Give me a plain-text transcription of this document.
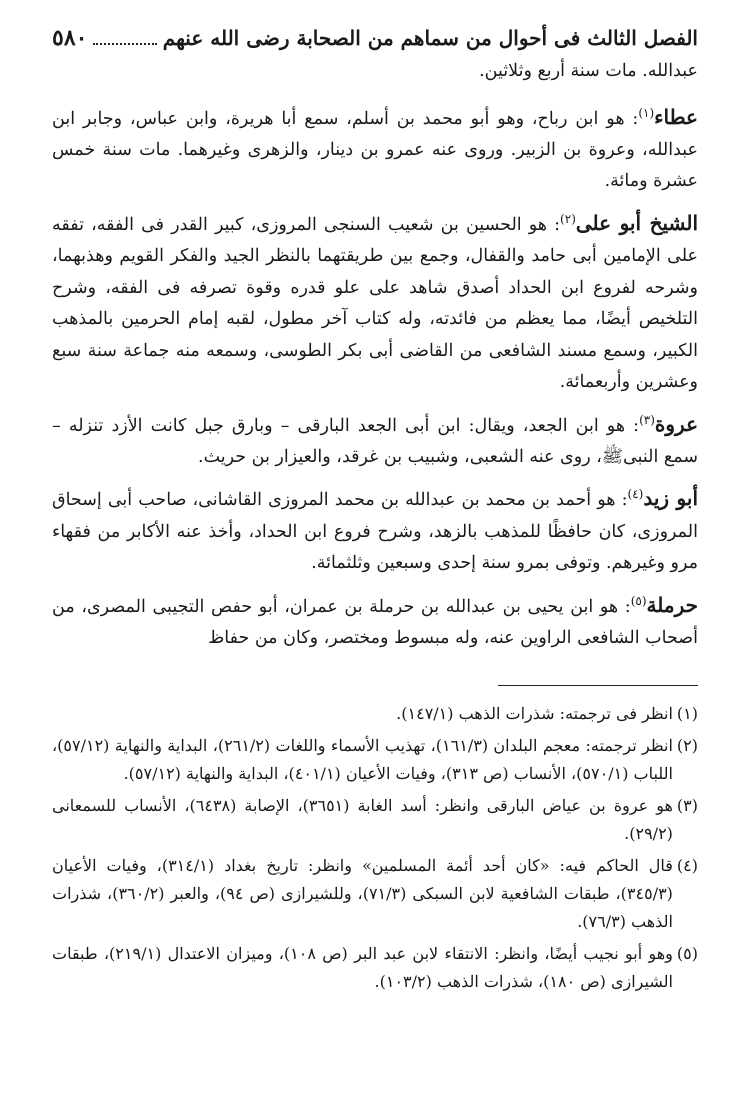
الفصل الثالث فى أحوال من سماهم من الصحابة رضى الله عنهم
٥٨٠

عبدالله. مات سنة أربع وثلاثين.

عطاء$^{(١)}$: هو ابن رباح، وهو أبو محمد بن أسلم، سمع أبا هريرة، وابن عباس، وجابر ابن عبدالله، وعروة بن الزبير. وروى عنه عمرو بن دينار، والزهرى وغيرهما. مات سنة خمس عشرة ومائة.

الشيخ أبو على$^{(٢)}$: هو الحسين بن شعيب السنجى المروزى، كبير القدر فى الفقه، تفقه على الإمامين أبى حامد والقفال، وجمع بين طريقتهما بالنظر الجيد والفكر القويم وهذبهما، وشرحه لفروع ابن الحداد أصدق شاهد على علو قدره وقوة تصرفه فى الفقه، وشرح التلخيص أيضًا، مما يعظم من فائدته، وله كتاب آخر مطول، لقبه إمام الحرمين بالمذهب الكبير، وسمع مسند الشافعى من القاضى أبى بكر الطوسى، وسمعه منه جماعة سنة سبع وعشرين وأربعمائة.

عروة$^{(٣)}$: هو ابن الجعد، ويقال: ابن أبى الجعد البارقى – وبارق جبل كانت الأزد تنزله – سمع النبىﷺ، روى عنه الشعبى، وشبيب بن غرقد، والعيزار بن حريث.

أبو زيد$^{(٤)}$: هو أحمد بن محمد بن عبدالله بن محمد المروزى القاشانى، صاحب أبى إسحاق المروزى، كان حافظًا للمذهب بالزهد، وشرح فروع ابن الحداد، وأخذ عنه الأكابر من فقهاء مرو وغيرهم. وتوفى بمرو سنة إحدى وسبعين وثلثمائة.

حرملة$^{(٥)}$: هو ابن يحيى بن عبدالله بن حرملة بن عمران، أبو حفص التجيبى المصرى، من أصحاب الشافعى الراوين عنه، وله مبسوط ومختصر، وكان من حفاظ

(١)
انظر فى ترجمته: شذرات الذهب (١٤٧/١).
(٢)
انظر ترجمته: معجم البلدان (١٦١/٣)، تهذيب الأسماء واللغات (٢٦١/٢)، البداية والنهاية (٥٧/١٢)، اللباب (٥٧٠/١)، الأنساب (ص ٣١٣)، وفيات الأعيان (٤٠١/١)، البداية والنهاية (٥٧/١٢).
(٣)
هو عروة بن عياض البارقى وانظر: أسد الغابة (٣٦٥١)، الإصابة (٦٤٣٨)، الأنساب للسمعانى (٢٩/٢).
(٤)
قال الحاكم فيه: «كان أحد أئمة المسلمين» وانظر: تاريخ بغداد (٣١٤/١)، وفيات الأعيان (٣٤٥/٣)، طبقات الشافعية لابن السبكى (٧١/٣)، وللشيرازى (ص ٩٤)، والعبر (٣٦٠/٢)، شذرات الذهب (٧٦/٣).
(٥)
وهو أبو نجيب أيضًا، وانظر: الانتقاء لابن عبد البر (ص ١٠٨)، وميزان الاعتدال (٢١٩/١)، طبقات الشيرازى (ص ١٨٠)، شذرات الذهب (١٠٣/٢).
